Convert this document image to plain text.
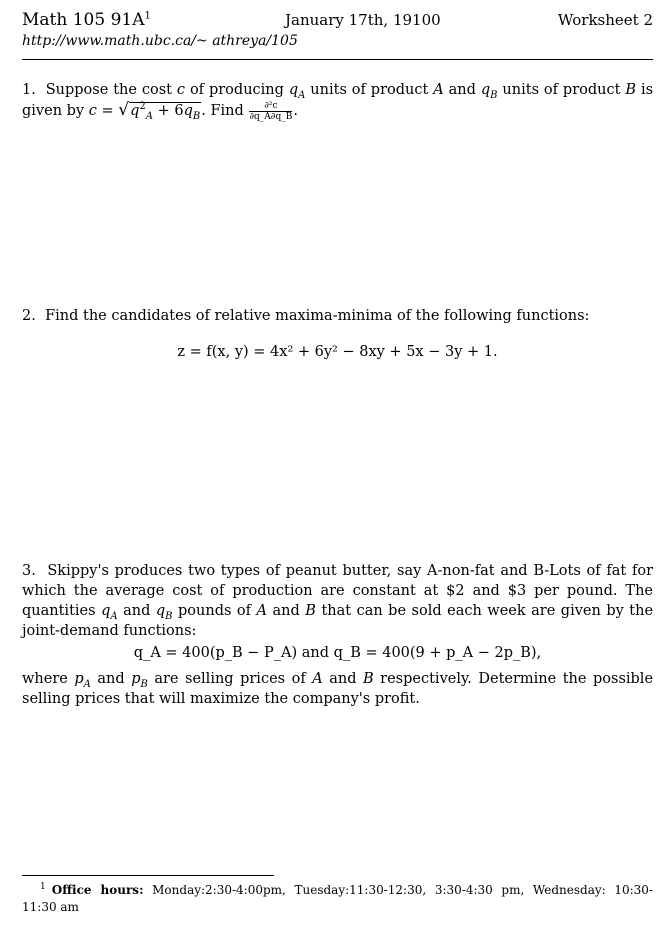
Math 105 $91A^1$	January 17th, 19100	Worksheet 2
http://www.math.ubc.ca/~ athreya/105
1. Suppose the cost c of producing $q_A$ units of product A and $q_B$ units of product B is given by $c = √q^2_A + 6q_B$. Find $\frac{\text{∂²c}}{\partial q\_A\partial q\_B}$ .
2. Find the candidates of relative maxima-minima of the following functions:
z = f(x, y) = 4x² + 6y² − 8xy + 5x − 3y + 1.
3. Skippy's produces two types of peanut butter, say A-non-fat and B-Lots of fat for which the average cost of production are constant at $2 and $3 per pound. The quantities $q_A$ and $q_B$ pounds of A and B that can be sold each week are given by the joint-demand functions:
q_A = 400(p_B − P_A) and q_B = 400(9 + p_A − 2p_B),
where $p_A$ and $p_B$ are selling prices of A and B respectively. Determine the possible selling prices that will maximize the company's profit.
$^1$ Office hours: Monday:2:30-4:00pm, Tuesday:11:30-12:30, 3:30-4:30 pm, Wednesday: 10:30-11:30 am
